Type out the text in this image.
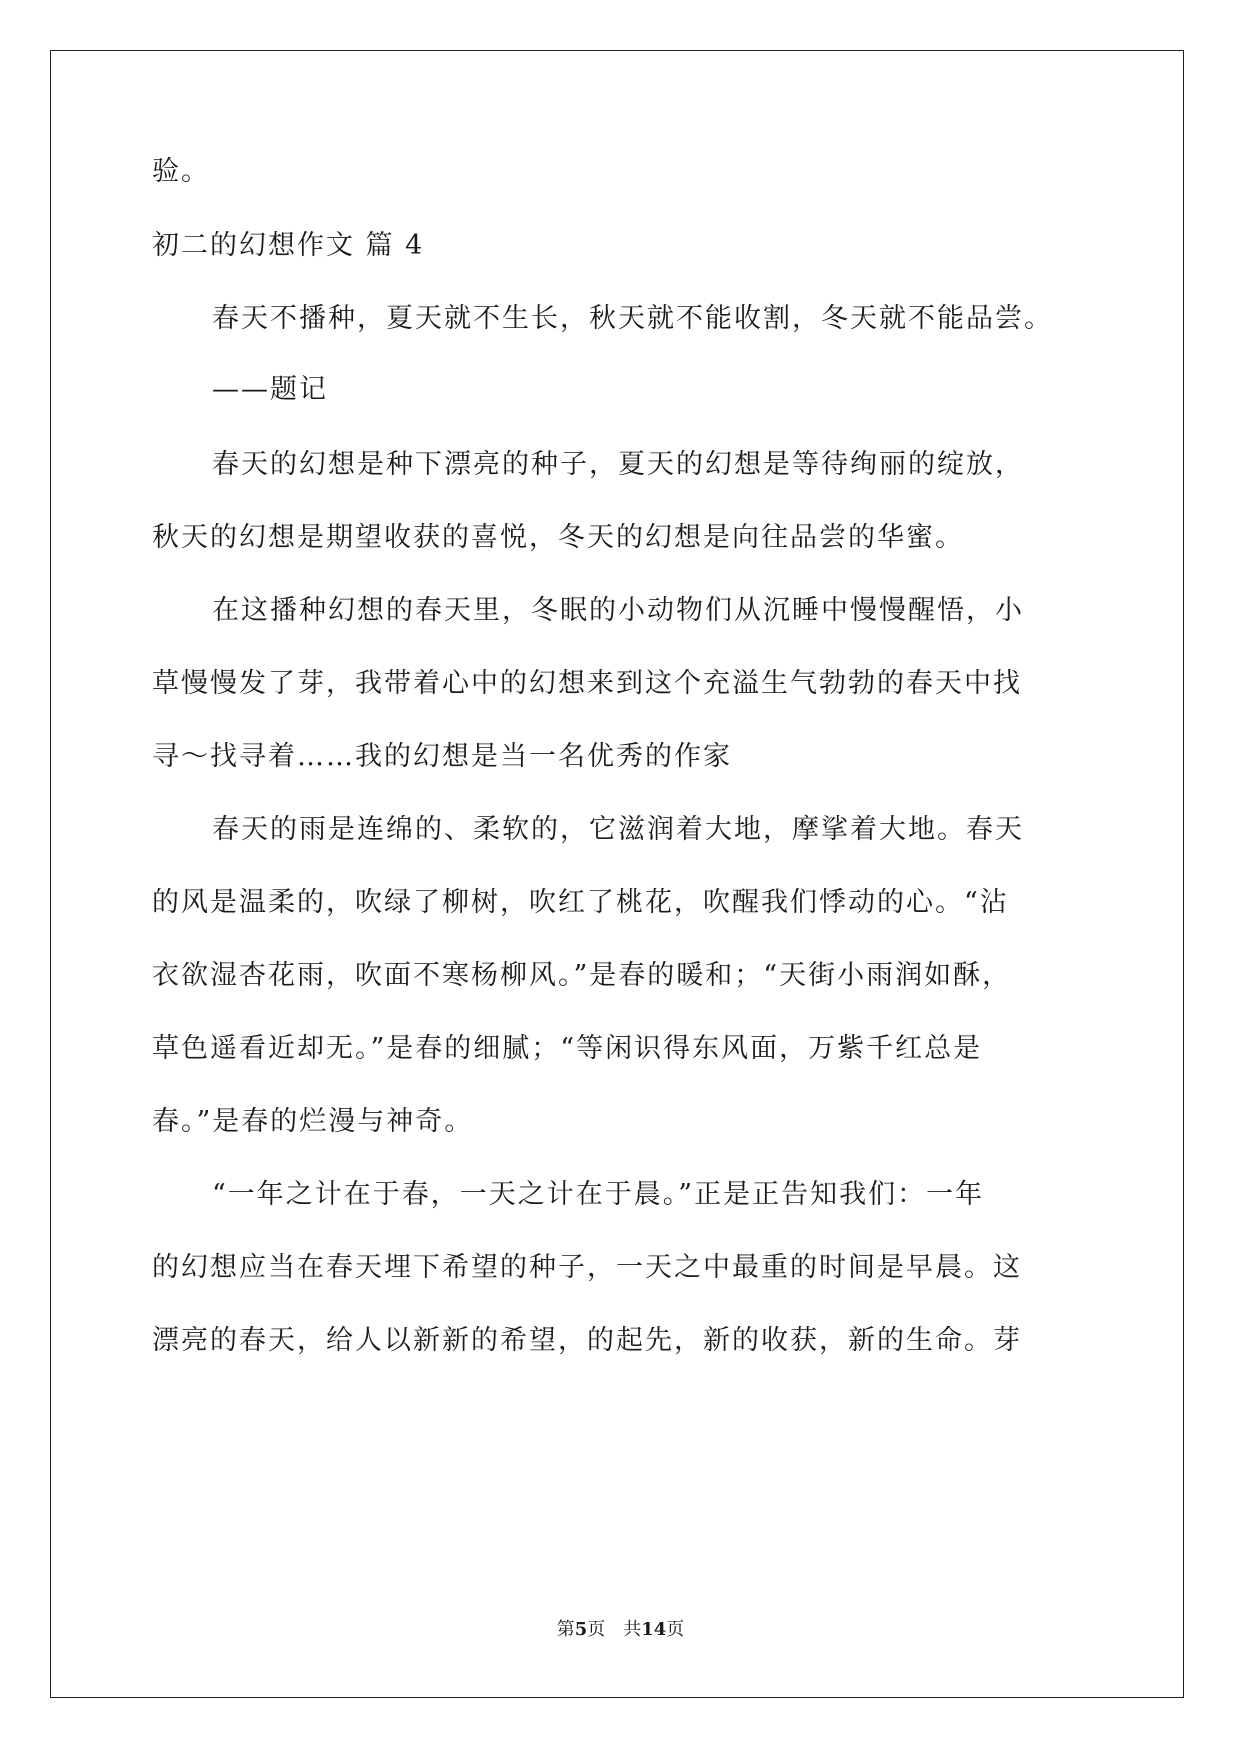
验。
初二的幻想作文 篇 4
春天不播种，夏天就不生长，秋天就不能收割，冬天就不能品尝。
——题记
春天的幻想是种下漂亮的种子，夏天的幻想是等待绚丽的绽放，
秋天的幻想是期望收获的喜悦，冬天的幻想是向往品尝的华蜜。
在这播种幻想的春天里，冬眠的小动物们从沉睡中慢慢醒悟，小
草慢慢发了芽，我带着心中的幻想来到这个充溢生气勃勃的春天中找
寻～找寻着……我的幻想是当一名优秀的作家
春天的雨是连绵的、柔软的，它滋润着大地，摩挲着大地。春天
的风是温柔的，吹绿了柳树，吹红了桃花，吹醒我们悸动的心。“沾
衣欲湿杏花雨，吹面不寒杨柳风。”是春的暖和；“天街小雨润如酥，
草色遥看近却无。”是春的细腻；“等闲识得东风面，万紫千红总是
春。”是春的烂漫与神奇。
“一年之计在于春，一天之计在于晨。”正是正告知我们：一年
的幻想应当在春天埋下希望的种子，一天之中最重的时间是早晨。这
漂亮的春天，给人以新新的希望，的起先，新的收获，新的生命。芽
第5页 共14页
